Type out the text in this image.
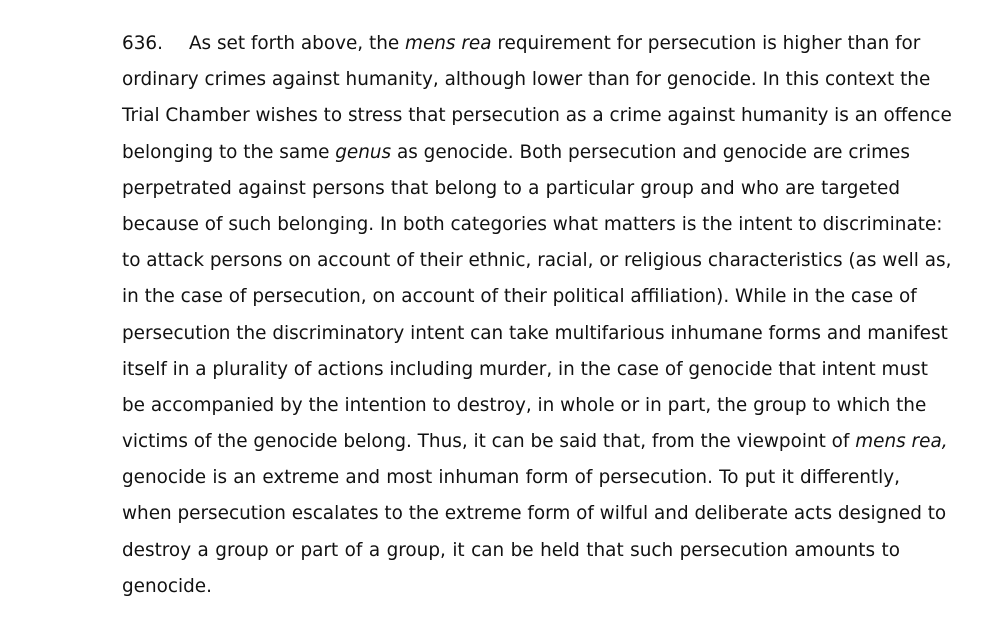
636. As set forth above, the mens rea requirement for persecution is higher than for
ordinary crimes against humanity, although lower than for genocide. In this context the
Trial Chamber wishes to stress that persecution as a crime against humanity is an offence
belonging to the same genus as genocide. Both persecution and genocide are crimes
perpetrated against persons that belong to a particular group and who are targeted
because of such belonging. In both categories what matters is the intent to discriminate:
to attack persons on account of their ethnic, racial, or religious characteristics (as well as,
in the case of persecution, on account of their political affiliation). While in the case of
persecution the discriminatory intent can take multifarious inhumane forms and manifest
itself in a plurality of actions including murder, in the case of genocide that intent must
be accompanied by the intention to destroy, in whole or in part, the group to which the
victims of the genocide belong. Thus, it can be said that, from the viewpoint of mens rea,
genocide is an extreme and most inhuman form of persecution. To put it differently,
when persecution escalates to the extreme form of wilful and deliberate acts designed to
destroy a group or part of a group, it can be held that such persecution amounts to
genocide.
